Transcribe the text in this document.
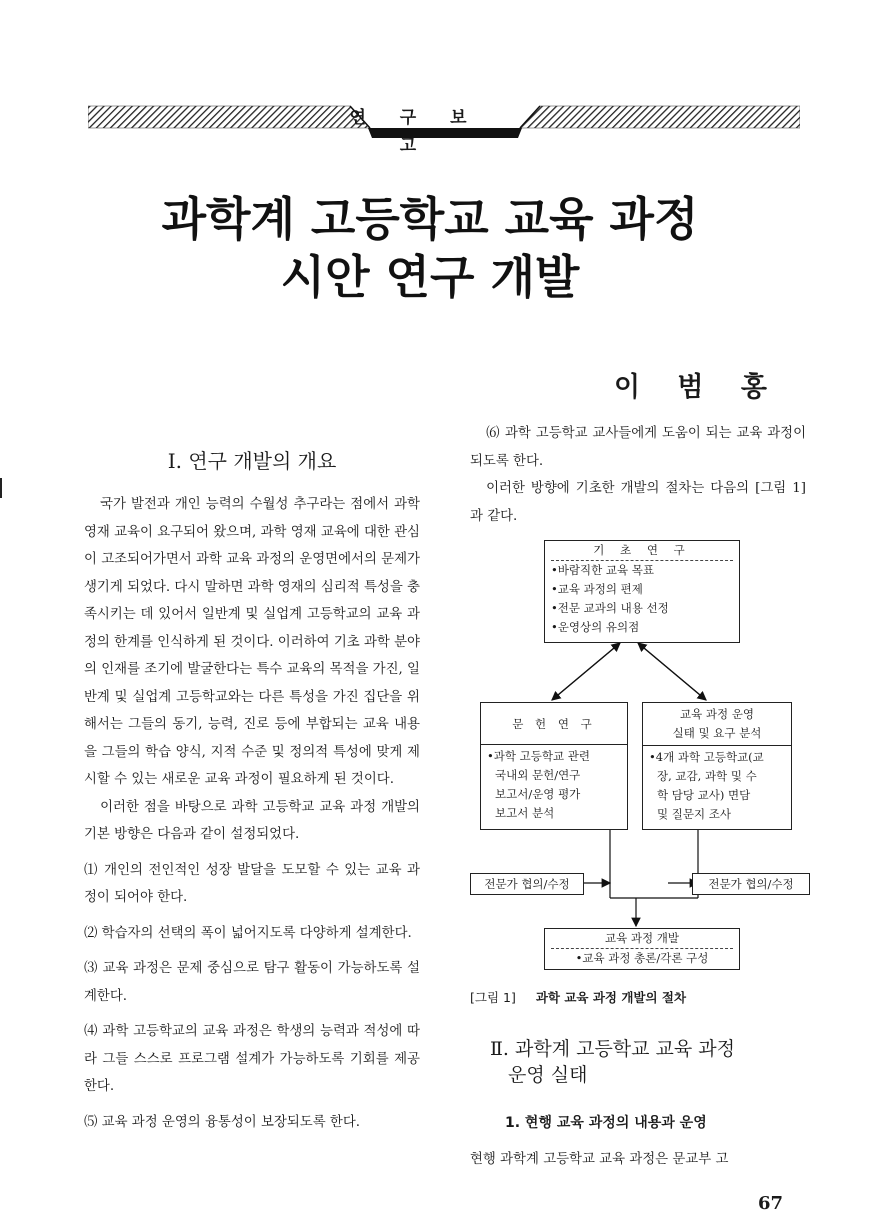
연 구 보 고
과학계 고등학교 교육 과정
시안 연구 개발
이 범 홍
Ⅰ. 연구 개발의 개요

국가 발전과 개인 능력의 수월성 추구라는 점에서 과학 영재 교육이 요구되어 왔으며, 과학 영재 교육에 대한 관심이 고조되어가면서 과학 교육 과정의 운영면에서의 문제가 생기게 되었다. 다시 말하면 과학 영재의 심리적 특성을 충족시키는 데 있어서 일반계 및 실업계 고등학교의 교육 과정의 한계를 인식하게 된 것이다. 이러하여 기초 과학 분야의 인재를 조기에 발굴한다는 특수 교육의 목적을 가진, 일반계 및 실업계 고등학교와는 다른 특성을 가진 집단을 위해서는 그들의 동기, 능력, 진로 등에 부합되는 교육 내용을 그들의 학습 양식, 지적 수준 및 정의적 특성에 맞게 제시할 수 있는 새로운 교육 과정이 필요하게 된 것이다.

이러한 점을 바탕으로 과학 고등학교 교육 과정 개발의 기본 방향은 다음과 같이 설정되었다.

⑴ 개인의 전인적인 성장 발달을 도모할 수 있는 교육 과정이 되어야 한다.

⑵ 학습자의 선택의 폭이 넓어지도록 다양하게 설계한다.

⑶ 교육 과정은 문제 중심으로 탐구 활동이 가능하도록 설계한다.

⑷ 과학 고등학교의 교육 과정은 학생의 능력과 적성에 따라 그들 스스로 프로그램 설계가 가능하도록 기회를 제공한다.

⑸ 교육 과정 운영의 융통성이 보장되도록 한다.

⑹ 과학 고등학교 교사들에게 도움이 되는 교육 과정이 되도록 한다.

이러한 방향에 기초한 개발의 절차는 다음의 [그림 1]과 같다.

기 초 연 구
•바람직한 교육 목표
•교육 과정의 편제
•전문 교과의 내용 선정
•운영상의 유의점
문 헌 연 구
•과학 고등학교 관련
국내외 문헌/연구
보고서/운영 평가
보고서 분석
교육 과정 운영
실태 및 요구 분석
•4개 과학 고등학교(교
장, 교감, 과학 및 수
학 담당 교사) 면담
및 질문지 조사
전문가 협의/수정	전문가 협의/수정
교육 과정 개발
•교육 과정 총론/각론 구성
[그림 1] 과학 교육 과정 개발의 절차
Ⅱ. 과학계 고등학교 교육 과정
운영 실태
1. 현행 교육 과정의 내용과 운영
현행 과학계 고등학교 교육 과정은 문교부 고
67
